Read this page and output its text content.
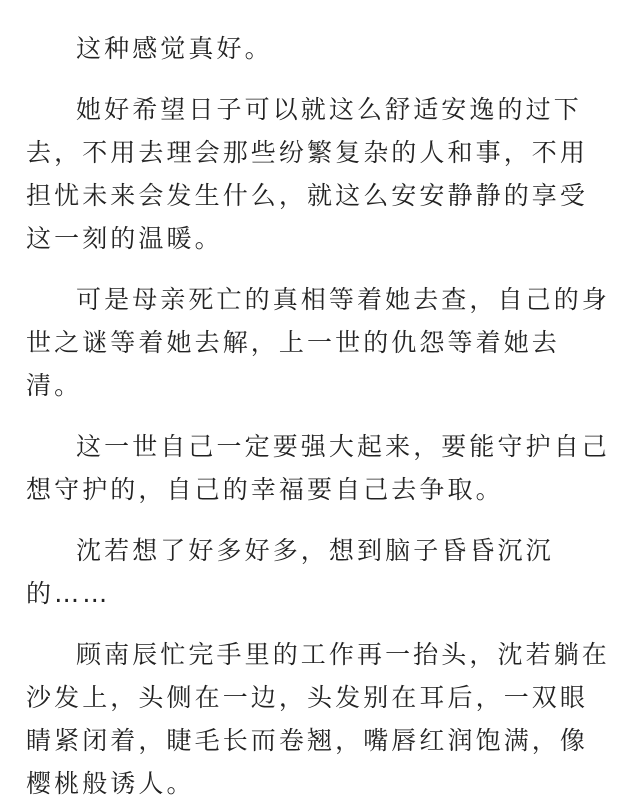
这种感觉真好。

她好希望日子可以就这么舒适安逸的过下去，不用去理会那些纷繁复杂的人和事，不用担忧未来会发生什么，就这么安安静静的享受这一刻的温暖。

可是母亲死亡的真相等着她去查，自己的身世之谜等着她去解，上一世的仇怨等着她去清。

这一世自己一定要强大起来，要能守护自己想守护的，自己的幸福要自己去争取。

沈若想了好多好多，想到脑子昏昏沉沉的……

顾南辰忙完手里的工作再一抬头，沈若躺在沙发上，头侧在一边，头发别在耳后，一双眼睛紧闭着，睫毛长而卷翘，嘴唇红润饱满，像樱桃般诱人。
